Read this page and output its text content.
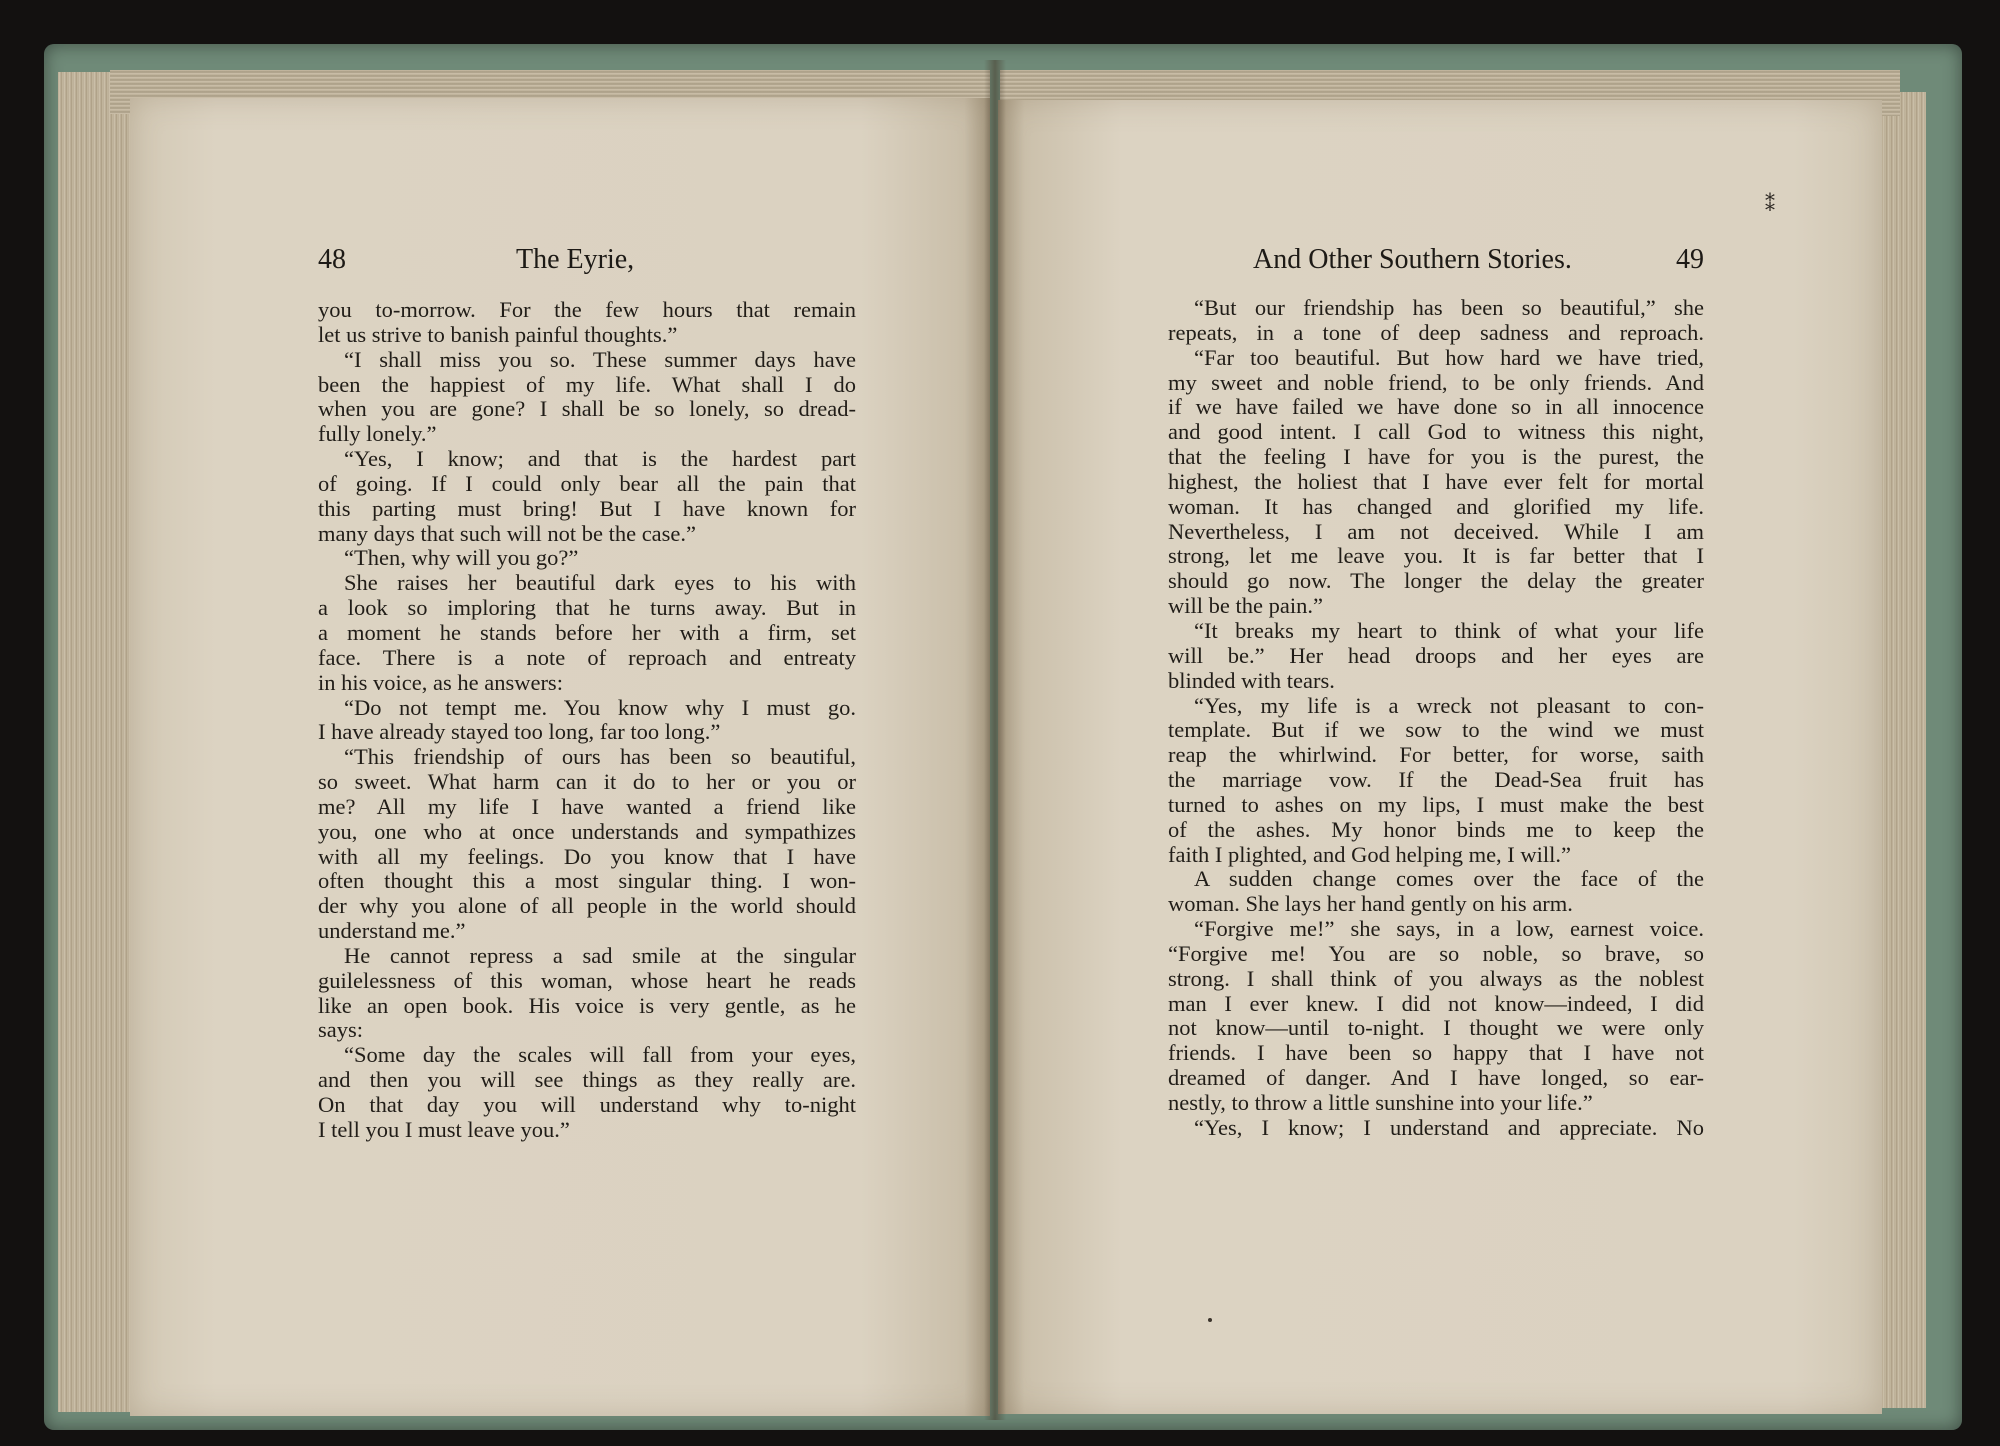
48	The Eyrie,	And Other Southern Stories.	49
you to-morrow. For the few hours that remain
let us strive to banish painful thoughts.”
“I shall miss you so. These summer days have
been the happiest of my life. What shall I do
when you are gone? I shall be so lonely, so dread-
fully lonely.”
“Yes, I know; and that is the hardest part
of going. If I could only bear all the pain that
this parting must bring! But I have known for
many days that such will not be the case.”
“Then, why will you go?”
She raises her beautiful dark eyes to his with
a look so imploring that he turns away. But in
a moment he stands before her with a firm, set
face. There is a note of reproach and entreaty
in his voice, as he answers:
“Do not tempt me. You know why I must go.
I have already stayed too long, far too long.”
“This friendship of ours has been so beautiful,
so sweet. What harm can it do to her or you or
me? All my life I have wanted a friend like
you, one who at once understands and sympathizes
with all my feelings. Do you know that I have
often thought this a most singular thing. I won-
der why you alone of all people in the world should
understand me.”
He cannot repress a sad smile at the singular
guilelessness of this woman, whose heart he reads
like an open book. His voice is very gentle, as he
says:
“Some day the scales will fall from your eyes,
and then you will see things as they really are.
On that day you will understand why to-night
I tell you I must leave you.”
“But our friendship has been so beautiful,” she
repeats, in a tone of deep sadness and reproach.
“Far too beautiful. But how hard we have tried,
my sweet and noble friend, to be only friends. And
if we have failed we have done so in all innocence
and good intent. I call God to witness this night,
that the feeling I have for you is the purest, the
highest, the holiest that I have ever felt for mortal
woman. It has changed and glorified my life.
Nevertheless, I am not deceived. While I am
strong, let me leave you. It is far better that I
should go now. The longer the delay the greater
will be the pain.”
“It breaks my heart to think of what your life
will be.” Her head droops and her eyes are
blinded with tears.
“Yes, my life is a wreck not pleasant to con-
template. But if we sow to the wind we must
reap the whirlwind. For better, for worse, saith
the marriage vow. If the Dead-Sea fruit has
turned to ashes on my lips, I must make the best
of the ashes. My honor binds me to keep the
faith I plighted, and God helping me, I will.”
A sudden change comes over the face of the
woman. She lays her hand gently on his arm.
“Forgive me!” she says, in a low, earnest voice.
“Forgive me! You are so noble, so brave, so
strong. I shall think of you always as the noblest
man I ever knew. I did not know—indeed, I did
not know—until to-night. I thought we were only
friends. I have been so happy that I have not
dreamed of danger. And I have longed, so ear-
nestly, to throw a little sunshine into your life.”
“Yes, I know; I understand and appreciate. No
⁑
